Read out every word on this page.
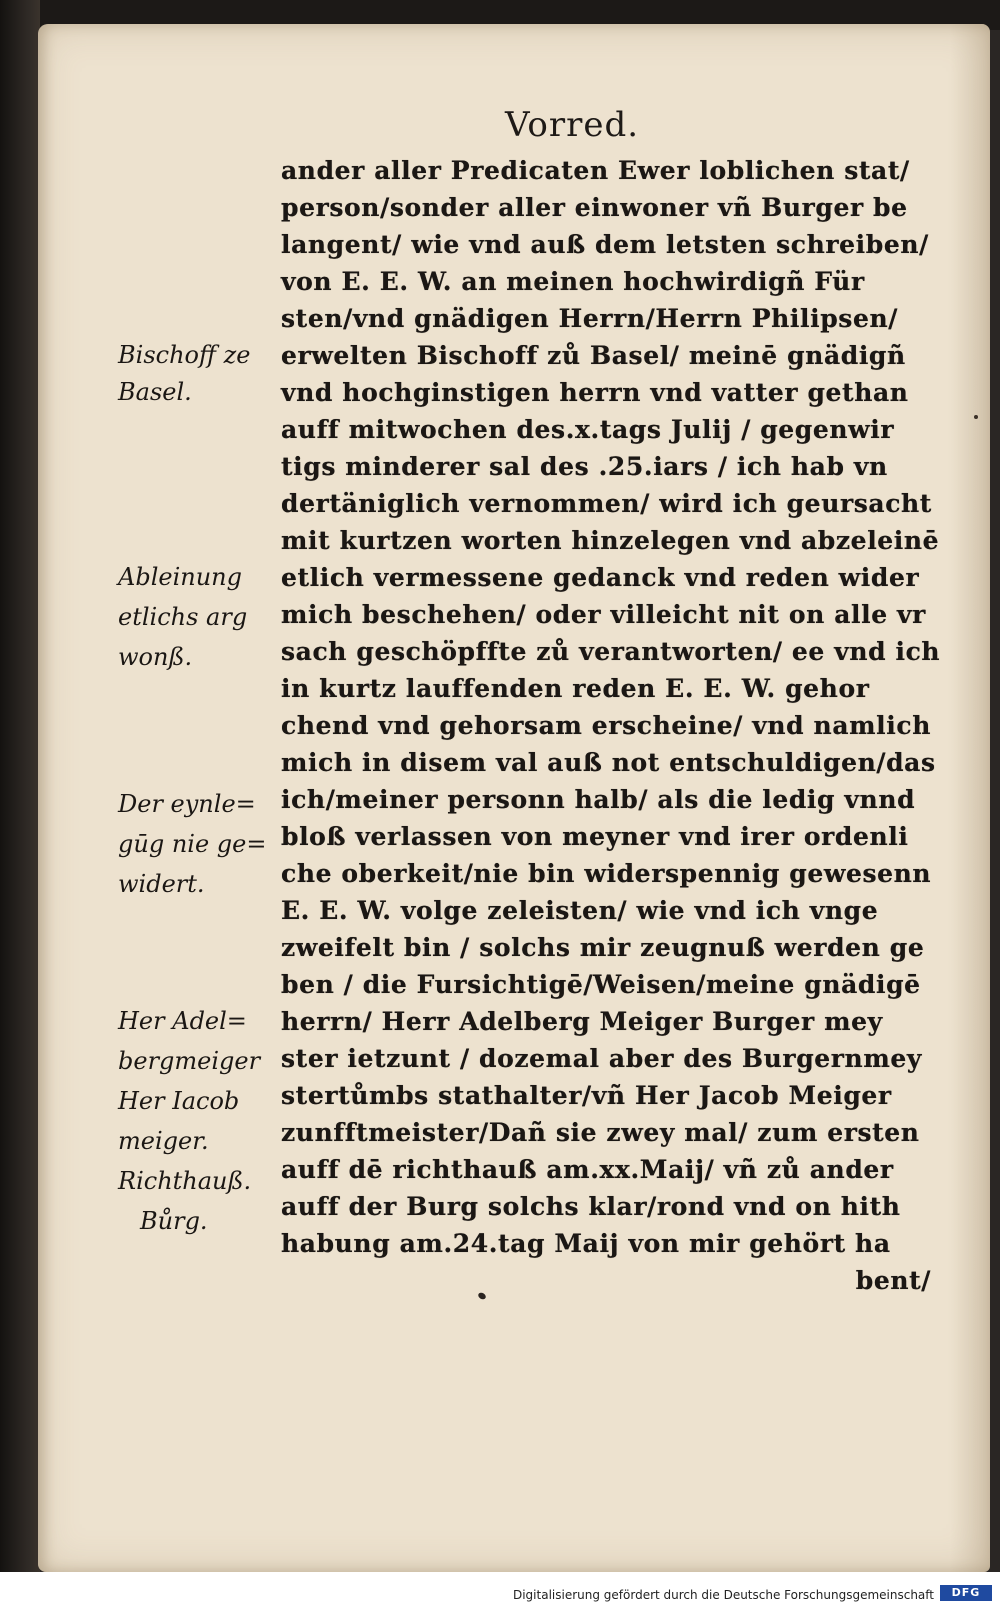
Vorred.
ander aller Predicaten Ewer loblichen stat/
person/sonder aller einwoner vñ Burger be
langent/ wie vnd auß dem letsten schreiben/
von E. E. W. an meinen hochwirdigñ Für
sten/vnd gnädigen Herrn/Herrn Philipsen/
erwelten Bischoff zů Basel/ meinē gnädigñ
vnd hochginstigen herrn vnd vatter gethan
auff mitwochen des.x.tags Julij / gegenwir
tigs minderer sal des .25.iars / ich hab vn
dertäniglich vernommen/ wird ich geursacht
mit kurtzen worten hinzelegen vnd abzeleinē
etlich vermessene gedanck vnd reden wider
mich beschehen/ oder villeicht nit on alle vr
sach geschöpffte zů verantworten/ ee vnd ich
in kurtz lauffenden reden E. E. W. gehor
chend vnd gehorsam erscheine/ vnd namlich
mich in disem val auß not entschuldigen/das
ich/meiner personn halb/ als die ledig vnnd
bloß verlassen von meyner vnd irer ordenli
che oberkeit/nie bin widerspennig gewesenn
E. E. W. volge zeleisten/ wie vnd ich vnge
zweifelt bin / solchs mir zeugnuß werden ge
ben / die Fursichtigē/Weisen/meine gnädigē
herrn/ Herr Adelberg Meiger Burger mey
ster ietzunt / dozemal aber des Burgernmey
stertůmbs stathalter/vñ Her Jacob Meiger
zunfftmeister/Dañ sie zwey mal/ zum ersten
auff dē richthauß am.xx.Maij/ vñ zů ander
auff der Burg solchs klar/rond vnd on hith
habung am.24.tag Maij von mir gehört ha
bent/
Bischoff ze
Basel.
Ableinung
etlichs arg
wonß.
Der eynle=
gūg nie ge=
widert.
Her Adel=
bergmeiger
Her Iacob
meiger.
Richthauß.
Bůrg.
Digitalisierung gefördert durch die Deutsche Forschungsgemeinschaft	DFG
